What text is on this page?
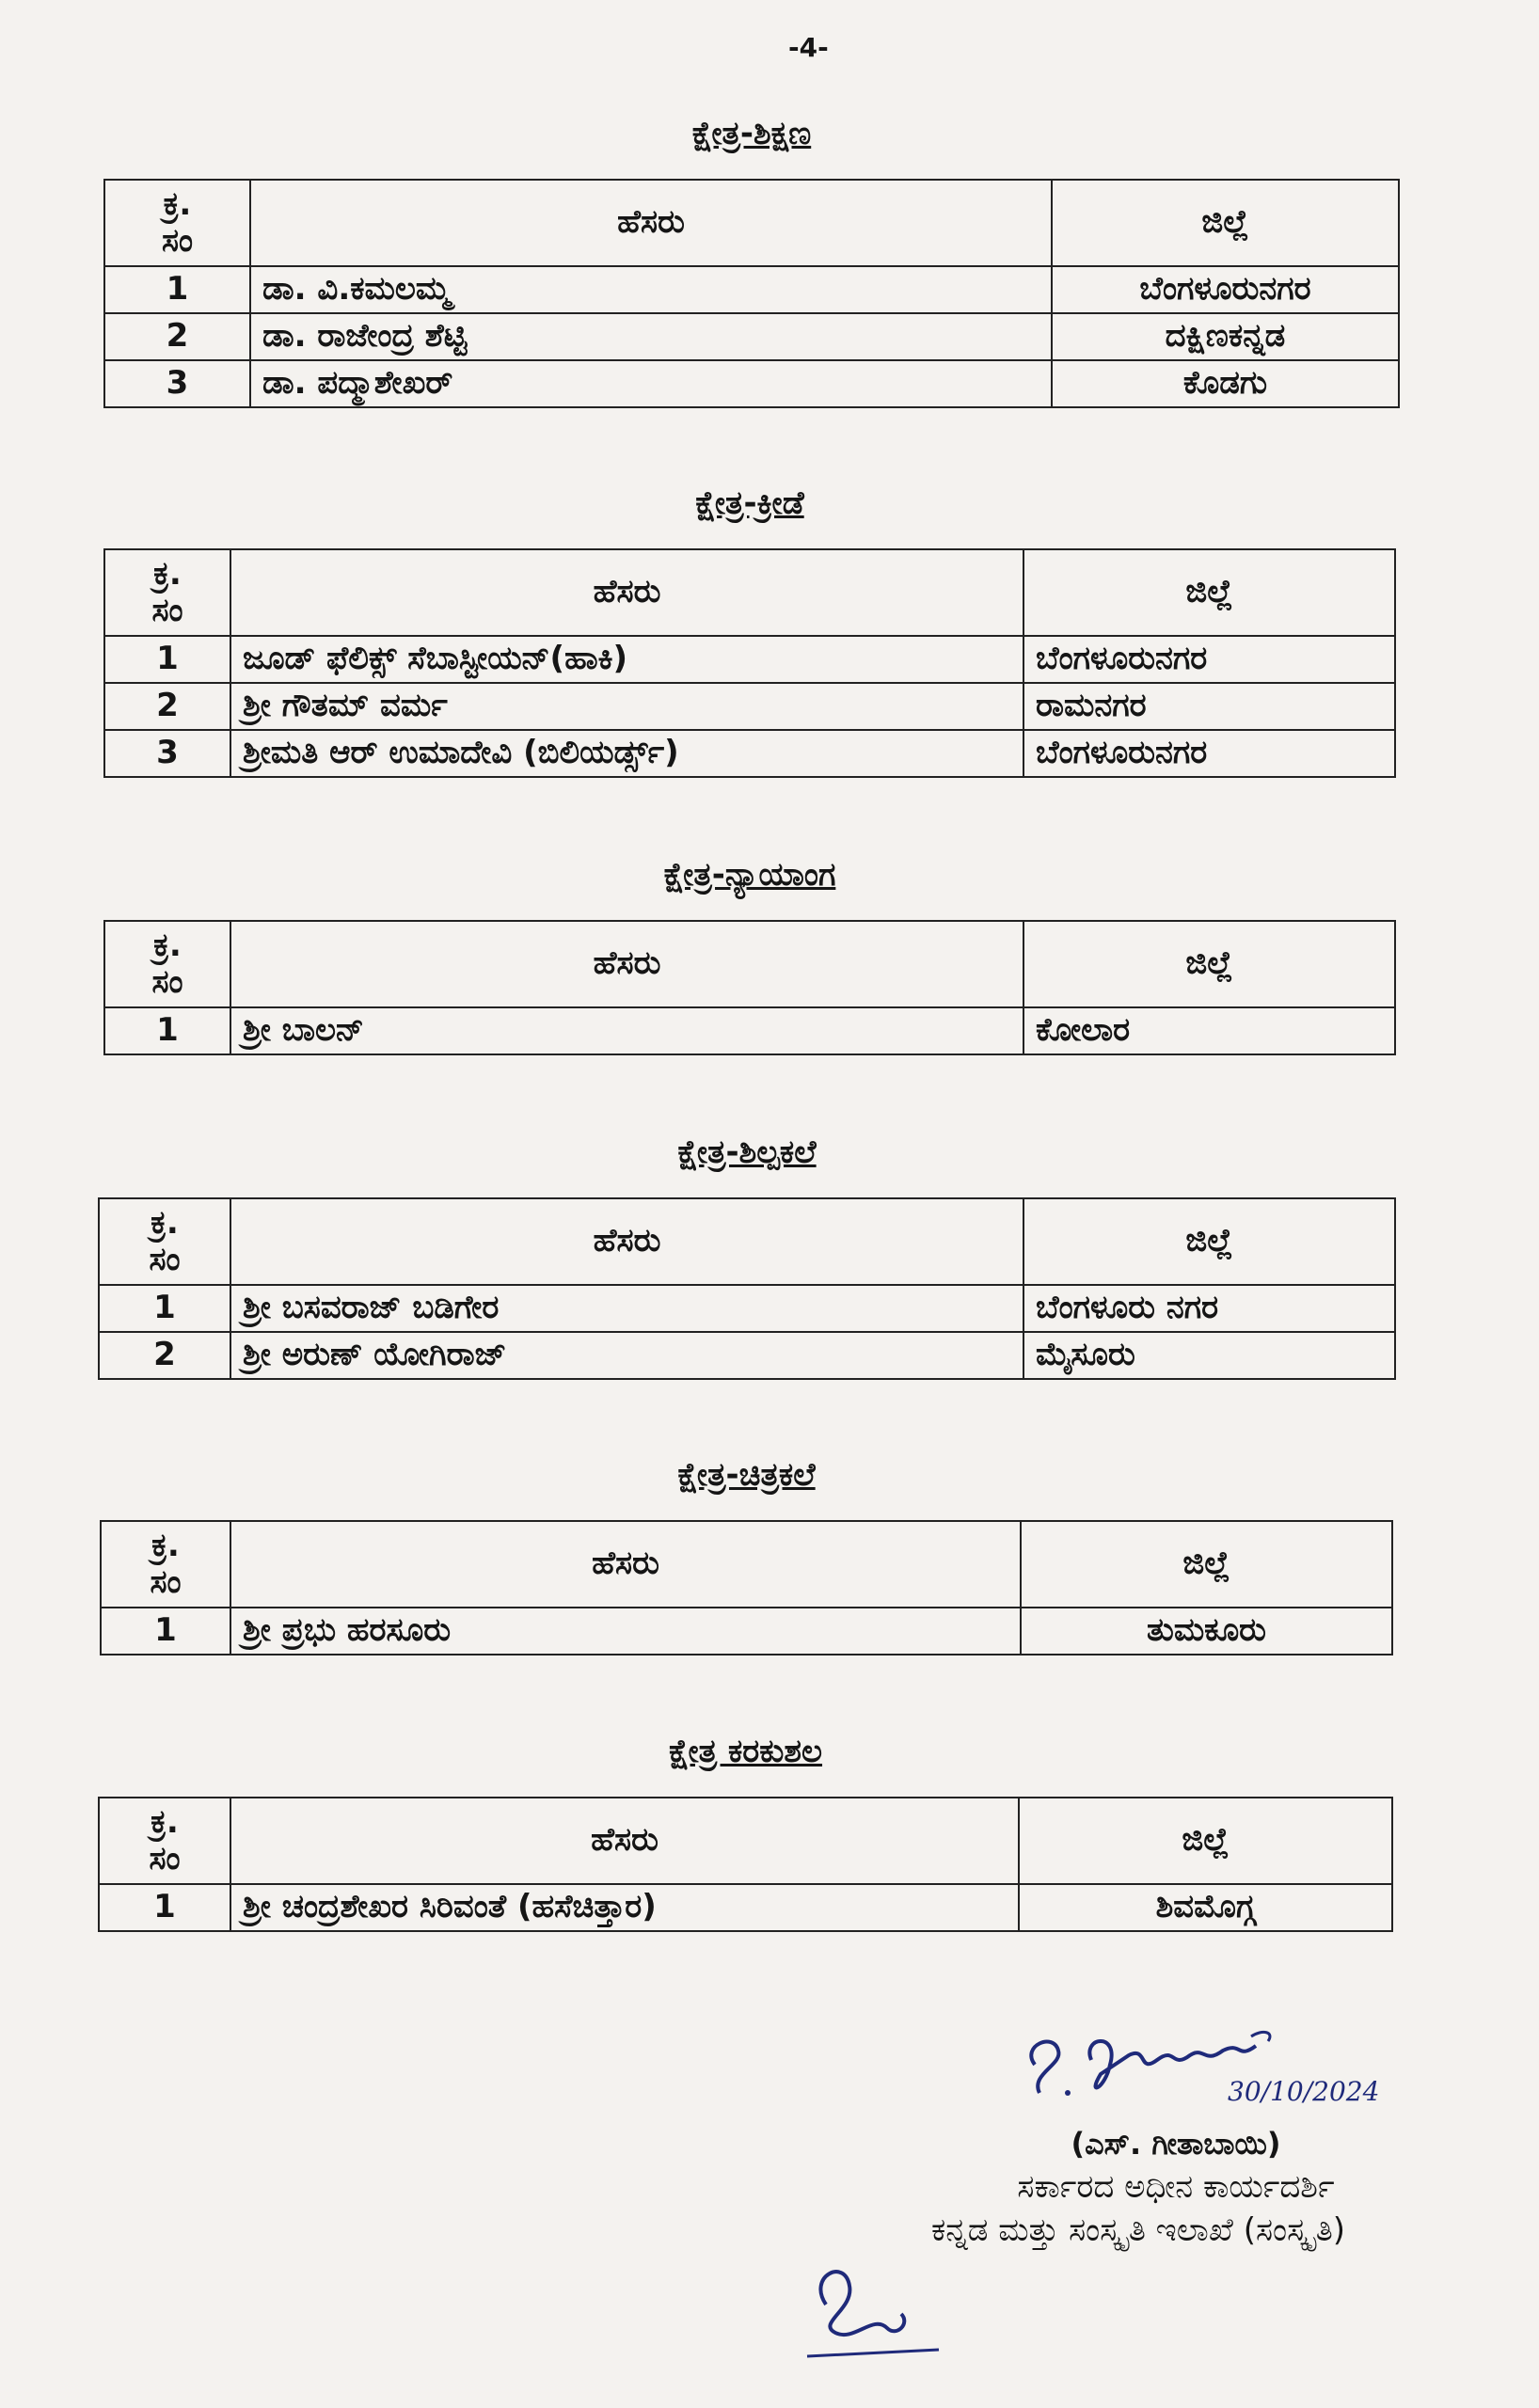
-4-
ಕ್ಷೇತ್ರ-ಶಿಕ್ಷಣ
ಕ್ರ.
ಸಂ	ಹೆಸರು	ಜಿಲ್ಲೆ
1	ಡಾ. ವಿ.ಕಮಲಮ್ಮ	ಬೆಂಗಳೂರುನಗರ
2	ಡಾ. ರಾಜೇಂದ್ರ ಶೆಟ್ಟಿ	ದಕ್ಷಿಣಕನ್ನಡ
3	ಡಾ. ಪದ್ಮಾಶೇಖರ್	ಕೊಡಗು
ಕ್ಷೇತ್ರ-ಕ್ರೀಡೆ
ಕ್ರ.
ಸಂ	ಹೆಸರು	ಜಿಲ್ಲೆ
1	ಜೂಡ್ ಫೆಲಿಕ್ಸ್ ಸೆಬಾಸ್ಟೀಯನ್(ಹಾಕಿ)	ಬೆಂಗಳೂರುನಗರ
2	ಶ್ರೀ ಗೌತಮ್ ವರ್ಮ	ರಾಮನಗರ
3	ಶ್ರೀಮತಿ ಆರ್ ಉಮಾದೇವಿ (ಬಿಲಿಯರ್ಡ್ಸ್)	ಬೆಂಗಳೂರುನಗರ
ಕ್ಷೇತ್ರ-ನ್ಯಾಯಾಂಗ
ಕ್ರ.
ಸಂ	ಹೆಸರು	ಜಿಲ್ಲೆ
1	ಶ್ರೀ ಬಾಲನ್	ಕೋಲಾರ
ಕ್ಷೇತ್ರ-ಶಿಲ್ಪಕಲೆ
ಕ್ರ.
ಸಂ	ಹೆಸರು	ಜಿಲ್ಲೆ
1	ಶ್ರೀ ಬಸವರಾಜ್ ಬಡಿಗೇರ	ಬೆಂಗಳೂರು ನಗರ
2	ಶ್ರೀ ಅರುಣ್ ಯೋಗಿರಾಜ್	ಮೈಸೂರು
ಕ್ಷೇತ್ರ-ಚಿತ್ರಕಲೆ
ಕ್ರ.
ಸಂ	ಹೆಸರು	ಜಿಲ್ಲೆ
1	ಶ್ರೀ ಪ್ರಭು ಹರಸೂರು	ತುಮಕೂರು
ಕ್ಷೇತ್ರ ಕರಕುಶಲ
ಕ್ರ.
ಸಂ	ಹೆಸರು	ಜಿಲ್ಲೆ
1	ಶ್ರೀ ಚಂದ್ರಶೇಖರ ಸಿರಿವಂತೆ (ಹಸೆಚಿತ್ತಾರ)	ಶಿವಮೊಗ್ಗ
30/10/2024
(ಎಸ್. ಗೀತಾಬಾಯಿ)
ಸರ್ಕಾರದ ಅಧೀನ ಕಾರ್ಯದರ್ಶಿ
ಕನ್ನಡ ಮತ್ತು ಸಂಸ್ಕೃತಿ ಇಲಾಖೆ (ಸಂಸ್ಕೃತಿ)
